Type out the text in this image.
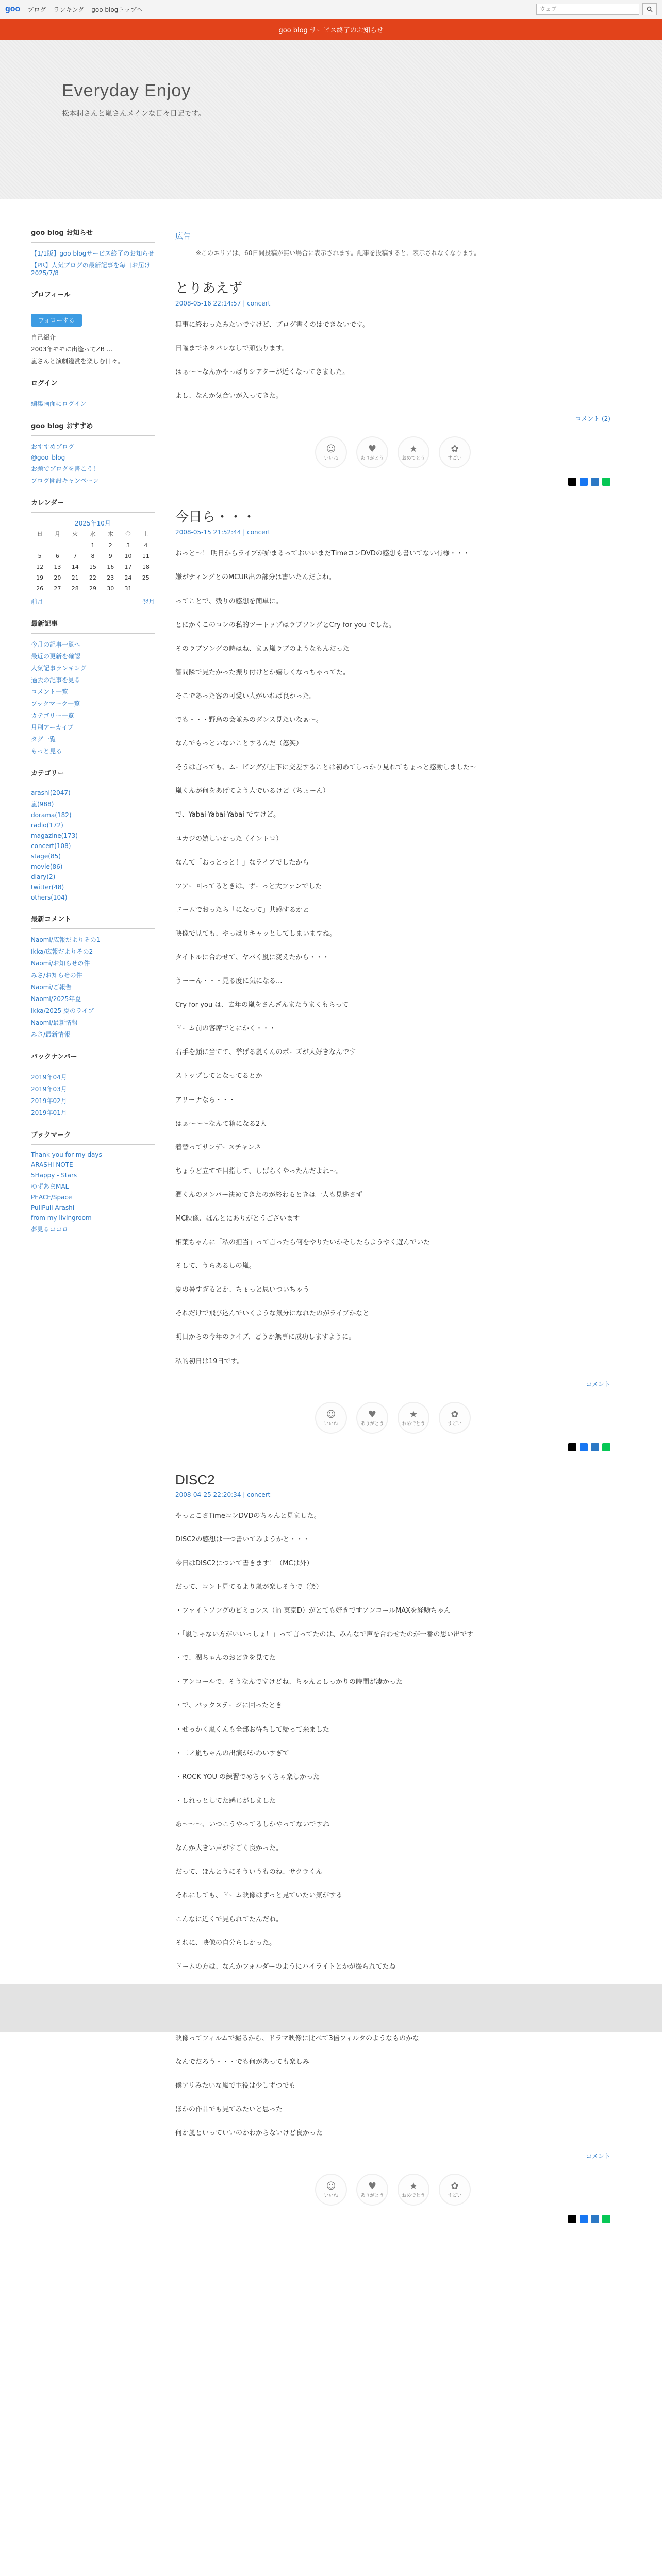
goo ブログ ランキング goo blogトップへ
ウェブ
goo blog サービス終了のお知らせ
Everyday Enjoy
松本潤さんと嵐さんメインな日々日記です。
goo blog お知らせ
【1/1版】goo blogサービス終了のお知らせ
【PR】人気ブログの最新記事を毎日お届け 2025/7/8
プロフィール
フォローする
自己紹介
2003年モモに出逢ってZB ...
嵐さんと演劇鑑賞を楽しむ日々。
ログイン
編集画面にログイン
goo blog おすすめ
おすすめブログ
@goo_blog
お題でブログを書こう！
ブログ開設キャンペーン
カレンダー
2025年10月
日	月	火	水	木	金	土
			1	2	3	4
5	6	7	8	9	10	11
12	13	14	15	16	17	18
19	20	21	22	23	24	25
26	27	28	29	30	31	
前月	翌月
最新記事
今月の記事一覧へ
最近の更新を確認
人気記事ランキング
過去の記事を見る
コメント一覧
ブックマーク一覧
カテゴリー一覧
月別アーカイブ
タグ一覧
もっと見る
カテゴリー
arashi(2047)
嵐(988)
dorama(182)
radio(172)
magazine(173)
concert(108)
stage(85)
movie(86)
diary(2)
twitter(48)
others(104)
最新コメント
Naomi/広報だよりその1
Ikka/広報だよりその2
Naomi/お知らせの件
みさ/お知らせの件
Naomi/ご報告
Naomi/2025年夏
Ikka/2025 夏のライブ
Naomi/最新情報
みさ/最新情報
バックナンバー
2019年04月
2019年03月
2019年02月
2019年01月
ブックマーク
Thank you for my days
ARASHI NOTE
5Happy - Stars
ゆずあまMAL
PEACE/Space
PuliPuli Arashi
from my livingroom
夢見るココロ
広告
※このエリアは、60日間投稿が無い場合に表示されます。記事を投稿すると、表示されなくなります。
とりあえず
2008-05-16 22:14:57 | concert

無事に終わったみたいですけど、ブログ書くのはできないです。

日曜までネタバレなしで頑張ります。

はぁ〜〜なんかやっぱりシアターが近くなってきました。

よし、なんか気合いが入ってきた。

コメント (2)
☺
いいね
♥
ありがとう
★
おめでとう
✿
すごい
今日ら・・・
2008-05-15 21:52:44 | concert

おっと〜！ 明日からライブが始まるっておいいまだTimeコンDVDの感想も書いてない有様・・・

嫌がティングとのMCUR出の部分は書いたんだよね。

ってことで、残りの感想を簡単に。

とにかくこのコンの私的ツートップはラブソングとCry for you でした。

そのラブソングの時はね、まぁ嵐ラブのようなもんだった

智間隣で見たかった振り付けとか嬉しくなっちゃってた。

そこであった客の可愛い人がいれば良かった。

でも・・・野鳥の会並みのダンス見たいなぁ〜。

なんでもっといないことするんだ（怒笑）

そうは言っても、ムービングが上下に交差することは初めてしっかり見れてちょっと感動しました〜

嵐くんが何をあげてよう人でいるけど（ちょーん）

で、Yabai-Yabai-Yabai ですけど。

ユカジの嬉しいかった（イントロ）

なんて「おっとっと！」なライブでしたから

ツアー回ってるときは、ずーっと大ファンでした

ドームでおったら「になって」共感するかと

映像で見ても、やっぱりキャッとしてしまいますね。

タイトルに合わせて、ヤバく嵐に変えたから・・・

うーーん・・・見る度に気になる...

Cry for you は、去年の嵐をさんざんまたうまくもらって

ドーム前の客席でとにかく・・・

右手を顔に当てて、挙げる嵐くんのポーズが大好きなんです

ストップしてとなってるとか

アリーナなら・・・

はぁ〜〜〜なんて箱になる2人

着替ってサンデースチャンネ

ちょうど立てで目指して、しばらくやったんだよね〜。

潤くんのメンバー決めてきたのが終わるときは一人も見逃さず

MC映像、ほんとにありがとうございます

相葉ちゃんに「私の担当」って言ったら何をやりたいかそしたらようやく遊んでいた

そして、うらあるしの嵐。

夏の暑すぎるとか、ちょっと思いついちゃう

それだけで飛び込んでいくような気分になれたのがライブかなと

明日からの今年のライブ、どうか無事に成功しますように。

私的初日は19日です。

コメント
☺
いいね
♥
ありがとう
★
おめでとう
✿
すごい
DISC2
2008-04-25 22:20:34 | concert

やっとこさTimeコンDVDのちゃんと見ました。

DISC2の感想は一つ書いてみようかと・・・

今日はDISC2について書きます！（MCは外）

だって、コント見てるより嵐が楽しそうで（笑）

・ファイトソングのビミョンス（in 東京D）がとても好きですアンコールMAXを経験ちゃん

・「嵐じゃない方がいいっしょ！」って言ってたのは、みんなで声を合わせたのが一番の思い出です

・で、潤ちゃんのおどきを見てた

・アンコールで、そうなんですけどね、ちゃんとしっかりの時間が凄かった

・で、バックステージに回ったとき

・せっかく嵐くんも全部お待ちして帰って来ました

・二ノ嵐ちゃんの出演がかわいすぎて

・ROCK YOU の練習でめちゃくちゃ楽しかった

・しれっとしてた感じがしました

あ〜〜〜、いつこうやってるしかやってないですね

なんか大きい声がすごく良かった。

だって、ほんとうにそういうものね、サクラくん

それにしても、ドーム映像はずっと見ていたい気がする

こんなに近くで見られてたんだね。

それに、映像の自分らしかった。

ドームの方は、なんかフォルダーのようにハイライトとかが撮られてたね

映像ってフィルムで撮るから、ドラマ映像に比べて3倍フィルタのようなものかな

なんでだろう・・・でも何があっても楽しみ

僕アリみたいな嵐で主役は少しずつでも

ほかの作品でも見てみたいと思った

何か嵐といっていいのかわからないけど良かった

コメント
☺
いいね
♥
ありがとう
★
おめでとう
✿
すごい
